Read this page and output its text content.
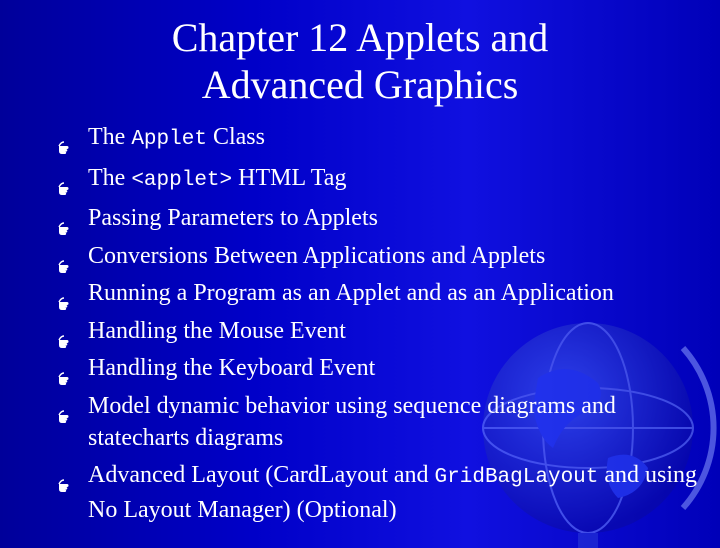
Chapter 12 Applets and
Advanced Graphics
The Applet Class
The <applet> HTML Tag
Passing Parameters to Applets
Conversions Between Applications and Applets
Running a Program as an Applet and as an Application
Handling the Mouse Event
Handling the Keyboard Event
Model dynamic behavior using sequence diagrams and statecharts diagrams
Advanced Layout (CardLayout and GridBagLayout and using No Layout Manager) (Optional)
